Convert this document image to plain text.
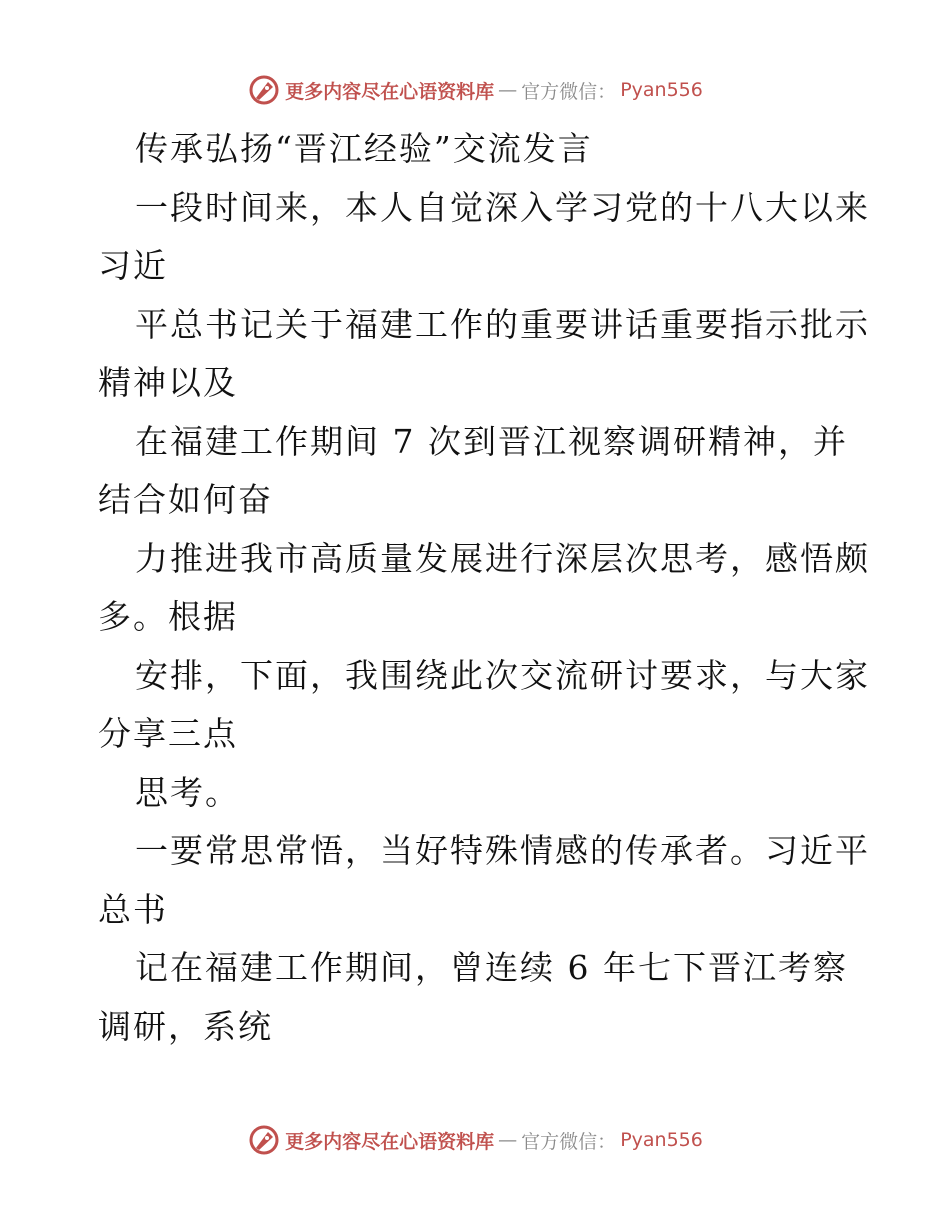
更多内容尽在心语资料库 — 官方微信： Pyan556
传承弘扬“晋江经验”交流发言
一段时间来，本人自觉深入学习党的十八大以来
习近
平总书记关于福建工作的重要讲话重要指示批示
精神以及
在福建工作期间 7 次到晋江视察调研精神，并
结合如何奋
力推进我市高质量发展进行深层次思考，感悟颇
多。根据
安排，下面，我围绕此次交流研讨要求，与大家
分享三点
思考。
一要常思常悟，当好特殊情感的传承者。习近平
总书
记在福建工作期间，曾连续 6 年七下晋江考察
调研，系统
更多内容尽在心语资料库 — 官方微信： Pyan556
